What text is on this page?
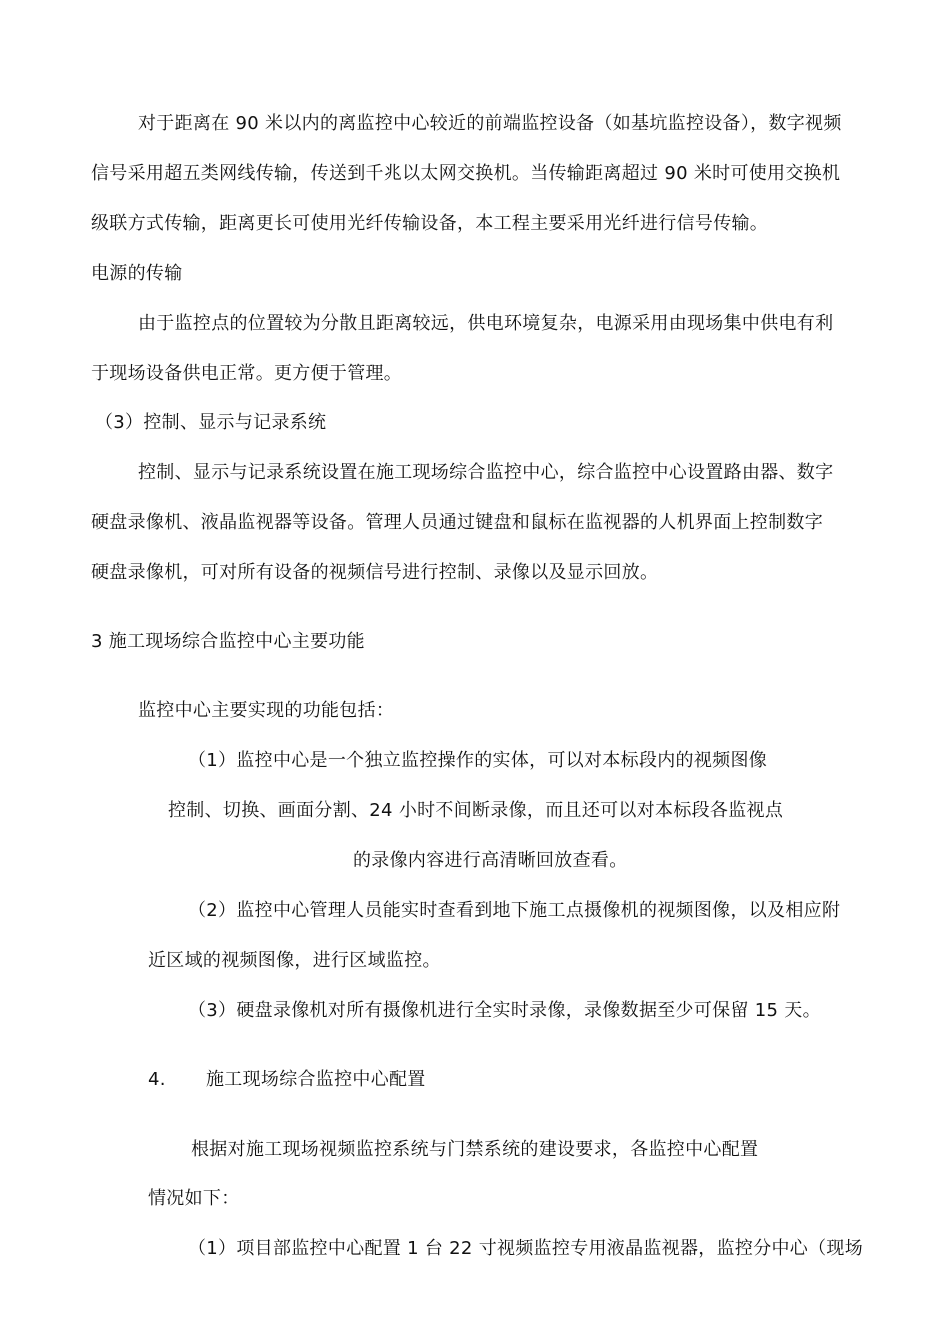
对于距离在 90 米以内的离监控中心较近的前端监控设备（如基坑监控设备），数字视频
信号采用超五类网线传输，传送到千兆以太网交换机。当传输距离超过 90 米时可使用交换机
级联方式传输，距离更长可使用光纤传输设备，本工程主要采用光纤进行信号传输。
电源的传输
由于监控点的位置较为分散且距离较远，供电环境复杂，电源采用由现场集中供电有利
于现场设备供电正常。更方便于管理。
（3）控制、显示与记录系统
控制、显示与记录系统设置在施工现场综合监控中心，综合监控中心设置路由器、数字
硬盘录像机、液晶监视器等设备。管理人员通过键盘和鼠标在监视器的人机界面上控制数字
硬盘录像机，可对所有设备的视频信号进行控制、录像以及显示回放。
3 施工现场综合监控中心主要功能
监控中心主要实现的功能包括：
（1）监控中心是一个独立监控操作的实体，可以对本标段内的视频图像
控制、切换、画面分割、24 小时不间断录像，而且还可以对本标段各监视点
的录像内容进行高清晰回放查看。
（2）监控中心管理人员能实时查看到地下施工点摄像机的视频图像，以及相应附
近区域的视频图像，进行区域监控。
（3）硬盘录像机对所有摄像机进行全实时录像，录像数据至少可保留 15 天。
4. 施工现场综合监控中心配置
根据对施工现场视频监控系统与门禁系统的建设要求，各监控中心配置
情况如下：
（1）项目部监控中心配置 1 台 22 寸视频监控专用液晶监视器，监控分中心（现场
